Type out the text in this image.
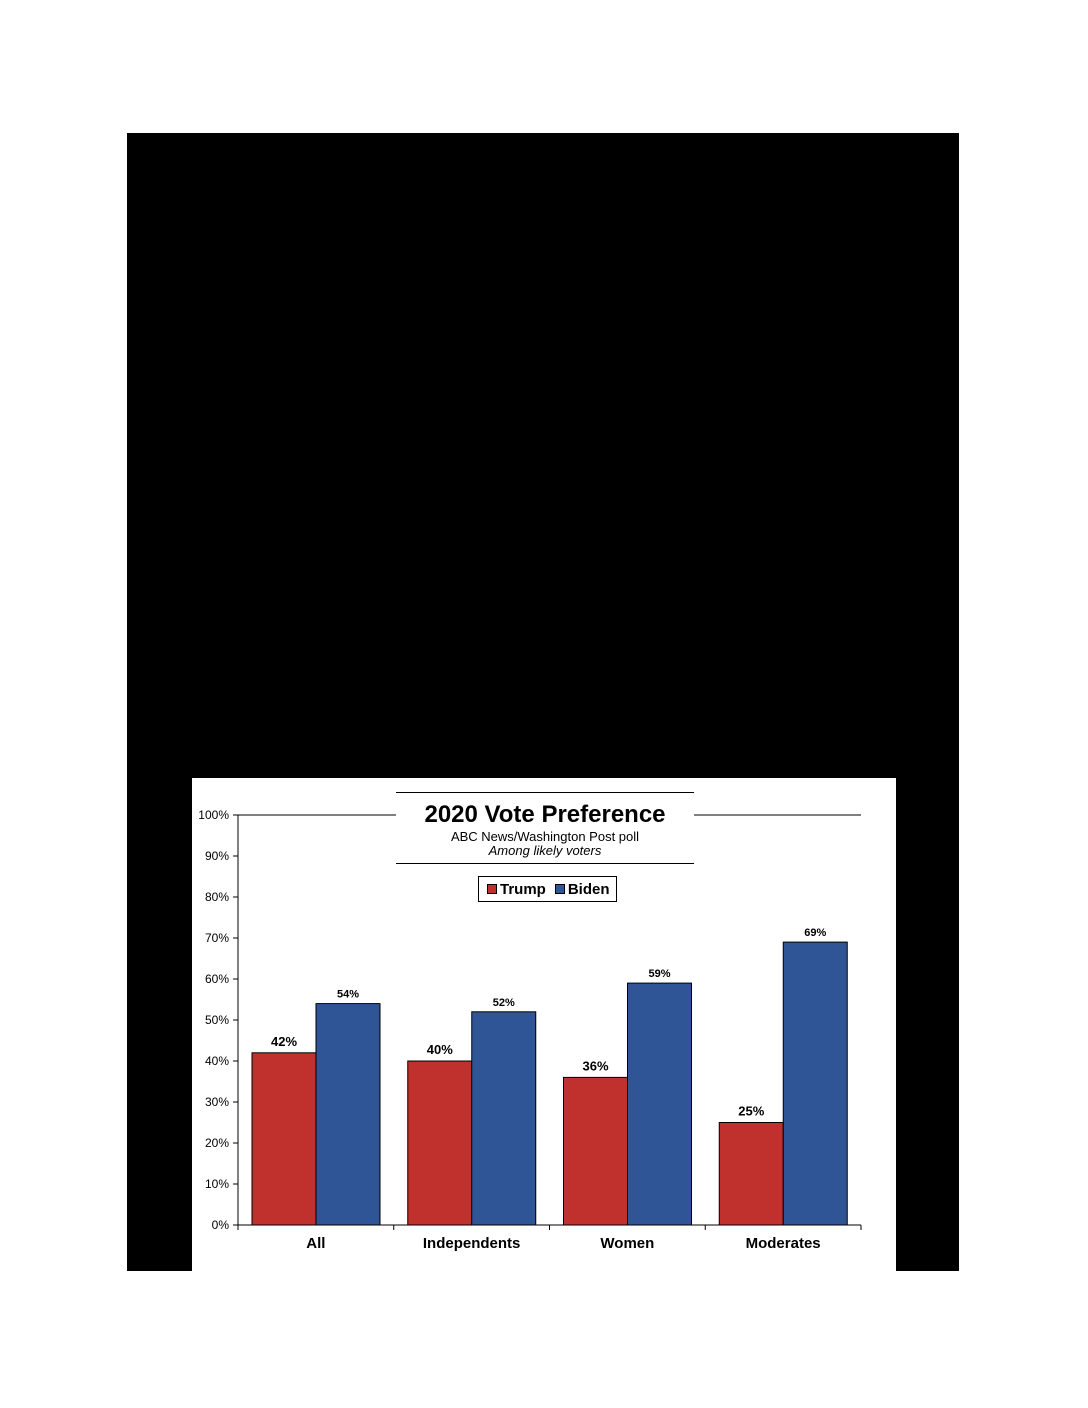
0%
10%
20%
30%
40%
50%
60%
70%
80%
90%
100%
42%
54%
All
40%
52%
Independents
36%
59%
Women
25%
69%
Moderates
2020 Vote Preference
ABC News/Washington Post poll
Among likely voters
Trump Biden
